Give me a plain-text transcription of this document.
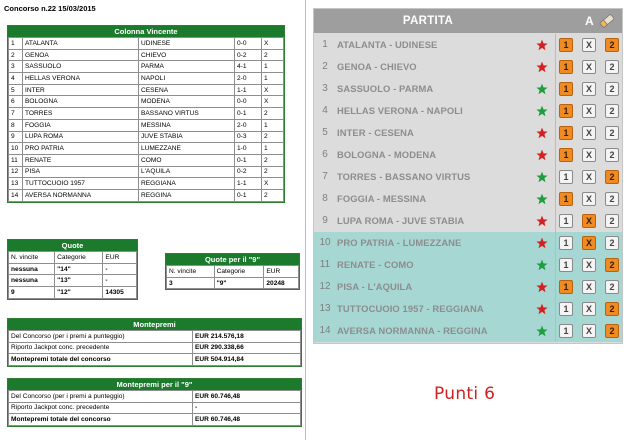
Concorso n.22 15/03/2015
Colonna Vincente
1	ATALANTA	UDINESE	0-0	X
2	GENOA	CHIEVO	0-2	2
3	SASSUOLO	PARMA	4-1	1
4	HELLAS VERONA	NAPOLI	2-0	1
5	INTER	CESENA	1-1	X
6	BOLOGNA	MODENA	0-0	X
7	TORRES	BASSANO VIRTUS	0-1	2
8	FOGGIA	MESSINA	2-0	1
9	LUPA ROMA	JUVE STABIA	0-3	2
10	PRO PATRIA	LUMEZZANE	1-0	1
11	RENATE	COMO	0-1	2
12	PISA	L'AQUILA	0-2	2
13	TUTTOCUOIO 1957	REGGIANA	1-1	X
14	AVERSA NORMANNA	REGGINA	0-1	2
Quote
N. vincite	Categorie	EUR
nessuna	"14"	-
nessuna	"13"	-
9	"12"	14305
Quote per il "9"
N. vincite	Categorie	EUR
3	"9"	20248
Montepremi
Del Concorso (per i premi a punteggio)	EUR 214.576,18
Riporto Jackpot conc. precedente	EUR 290.338,66
Montepremi totale del concorso	EUR 504.914,84
Montepremi per il "9"
Del Concorso (per i premi a punteggio)	EUR 60.746,48
Riporto Jackpot conc. precedente	-
Montepremi totale del concorso	EUR 60.746,48
PARTITA	A
1 ATALANTA - UDINESE	1	X	2
2 GENOA - CHIEVO	1	X	2
3 SASSUOLO - PARMA	1	X	2
4 HELLAS VERONA - NAPOLI	1	X	2
5 INTER - CESENA	1	X	2
6 BOLOGNA - MODENA	1	X	2
7 TORRES - BASSANO VIRTUS	1	X	2
8 FOGGIA - MESSINA	1	X	2
9 LUPA ROMA - JUVE STABIA	1	X	2
10 PRO PATRIA - LUMEZZANE	1	X	2
11 RENATE - COMO	1	X	2
12 PISA - L'AQUILA	1	X	2
13 TUTTOCUOIO 1957 - REGGIANA	1	X	2
14 AVERSA NORMANNA - REGGINA	1	X	2
Punti 6
